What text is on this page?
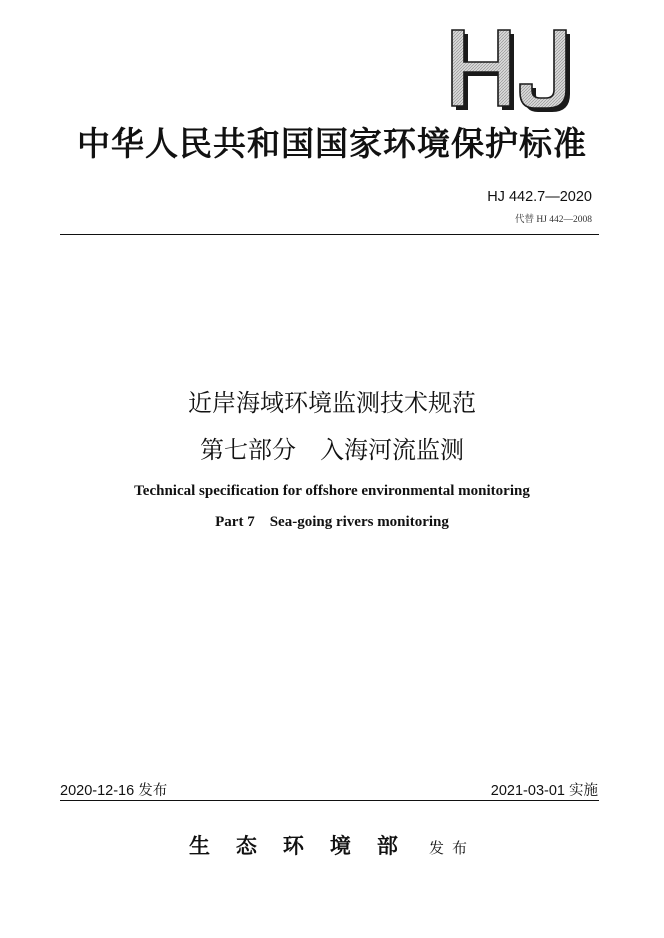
中华人民共和国国家环境保护标准
HJ 442.7—2020
代替 HJ 442—2008
近岸海域环境监测技术规范
第七部分　入海河流监测
Technical specification for offshore environmental monitoring
Part 7　Sea-going rivers monitoring
2020-12-16 发布	2021-03-01 实施
生态环境部 发布
